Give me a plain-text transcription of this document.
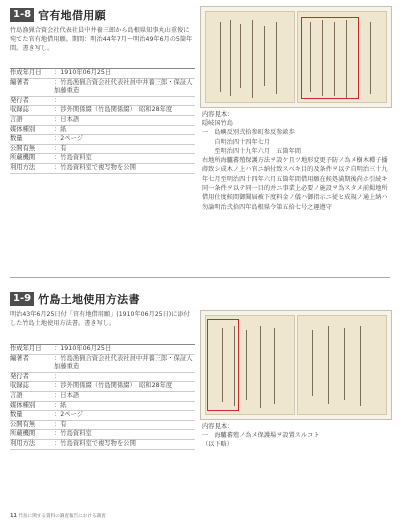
1-8 官有地借用願
竹島漁猟合資会社代表社員中井養三郎から島根県知事丸山重俊に宛てた官有地借用願。期間：明治44年7月〜明治49年6月の5箇年間。書き写し。
作成年月日	：1910年06月25日
編著者	：竹島漁猟合資会社代表社員中井養三郎・保証人加藤重造
発行者	：
収録誌	：渉外関係綴（竹島関係綴）　昭和28年度
言語	：日本語
媒体種別	：紙
数量	：2ページ
公開有無	：有
所蔵機関	：竹島資料室
利用方法	：竹島資料室で複写物を公開
内容見本：
隠岐国竹島
一　島嶼反別弐拾参町参反参畝歩
　　自明治四十四年七月
　　至明治四十九年六月　五箇年間
右地所海驢蕃殖保護方法ヲ設ケ且ツ地形変更予防ノ為メ樹木種子播蒔致シ成木ノ上ハ官ニ納付致スベキ目的及条件ヲ以テ自明治三十九年七月至明治四十四年六月五箇年間借用願在候処満期後尚ホ引続キ同一条件ヲ以テ同一目的并ニ事業上必要ノ施設ヲ為スタメ前掲地所借用仕度候間御聞届被下度料金ノ儀ハ御指示ニ従ヒ成規ノ通上納ハ勿論明治弐拾四年島根県令第五拾七号之趣遵守
1-9 竹島土地使用方法書
明治43年6月25日付「官有地借用願」(1910年06月25日)に添付した竹島土地使用方法書。書き写し。
作成年月日	：1910年06月25日
編著者	：竹島漁猟合資会社代表社員中井養三郎・保証人加藤重造
発行者	：
収録誌	：渉外関係綴（竹島関係綴）　昭和28年度
言語	：日本語
媒体種別	：紙
数量	：2ページ
公開有無	：有
所蔵機関	：竹島資料室
利用方法	：竹島資料室で複写物を公開
内容見本：
一　海驢蕃殖ノ為メ保護場ヲ設置スルコト
（以下略）
11 竹島に関する資料の調査報告における調査
